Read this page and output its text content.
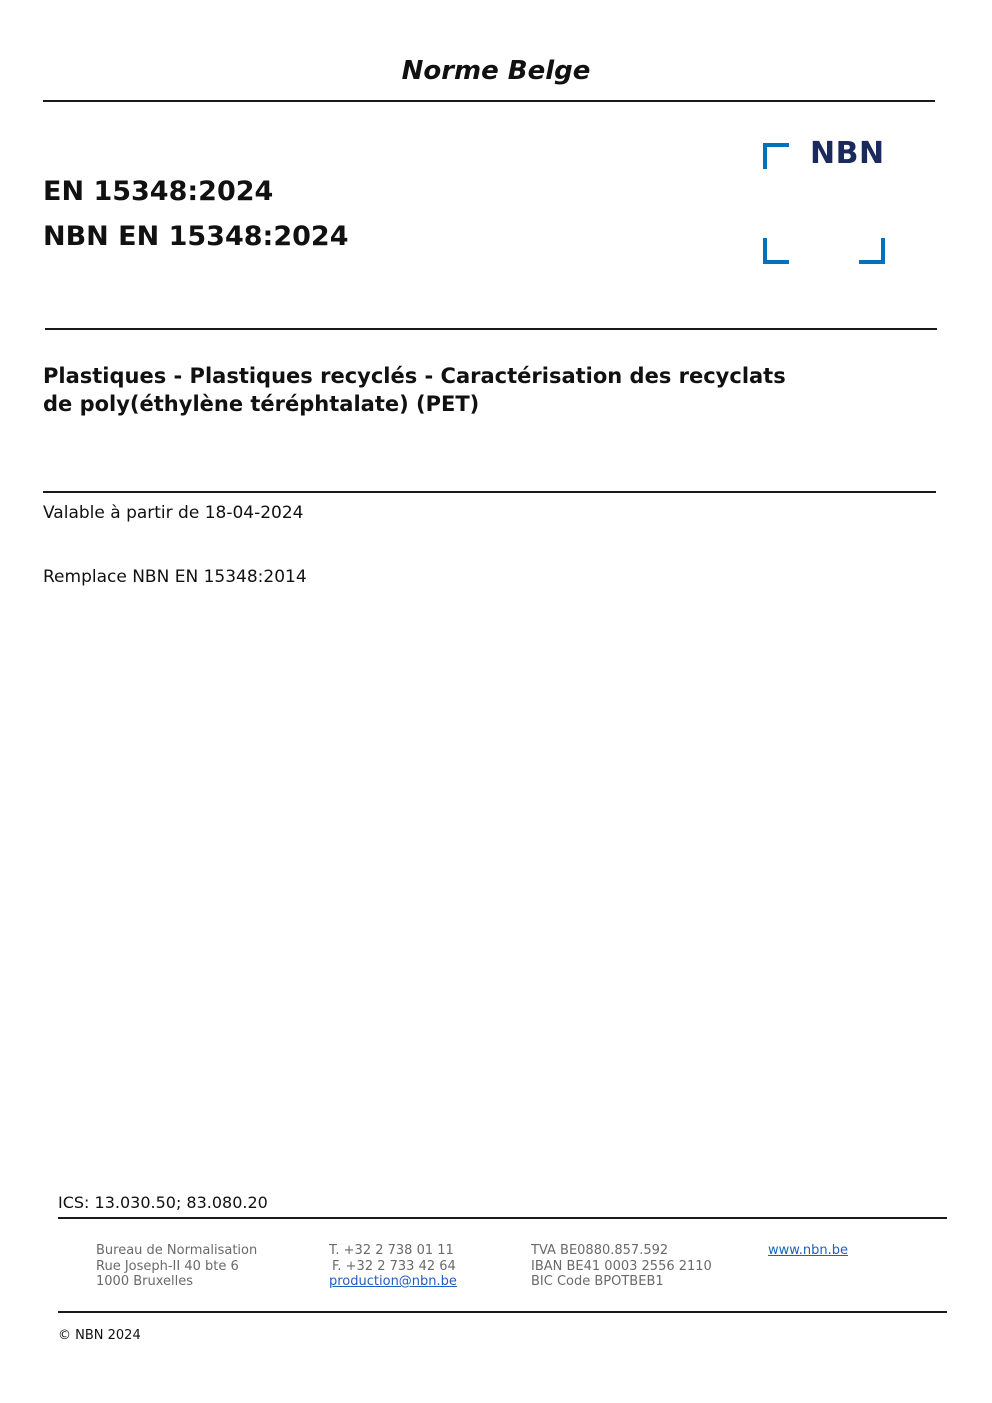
Norme Belge
EN 15348:2024
NBN EN 15348:2024
NBN
Plastiques - Plastiques recyclés - Caractérisation des recyclats
de poly(éthylène téréphtalate) (PET)
Valable à partir de 18-04-2024
Remplace NBN EN 15348:2014
ICS: 13.030.50; 83.080.20
Bureau de Normalisation
Rue Joseph-II 40 bte 6
1000 Bruxelles
T. +32 2 738 01 11
F. +32 2 733 42 64
production@nbn.be
TVA BE0880.857.592
IBAN BE41 0003 2556 2110
BIC Code BPOTBEB1
www.nbn.be
© NBN 2024
